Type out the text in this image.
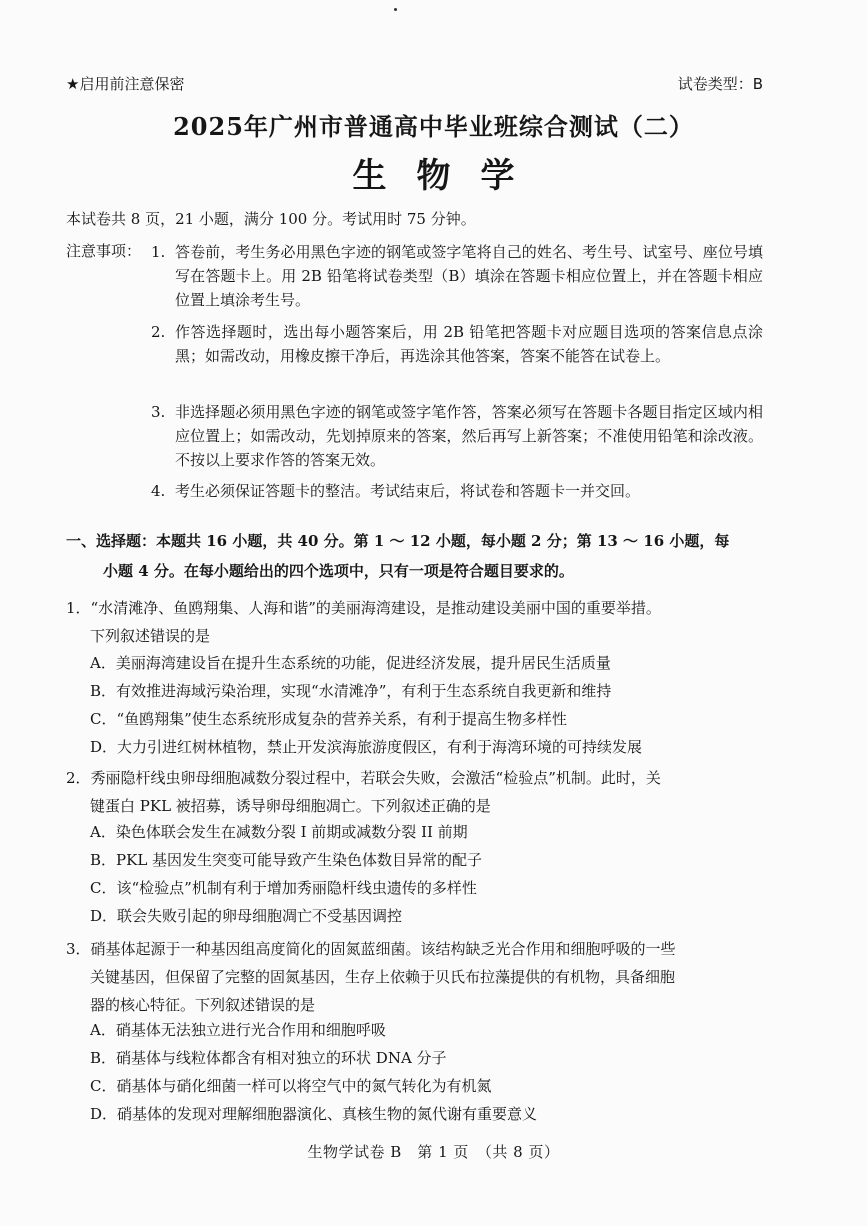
★启用前注意保密	试卷类型：B
2025年广州市普通高中毕业班综合测试（二）
生物学
本试卷共 8 页，21 小题，满分 100 分。考试用时 75 分钟。
注意事项： 1. 答卷前，考生务必用黑色字迹的钢笔或签字笔将自己的姓名、考生号、试室号、座位号填写在答题卡上。用 2B 铅笔将试卷类型（B）填涂在答题卡相应位置上，并在答题卡相应位置上填涂考生号。
2. 作答选择题时，选出每小题答案后，用 2B 铅笔把答题卡对应题目选项的答案信息点涂黑；如需改动，用橡皮擦干净后，再选涂其他答案，答案不能答在试卷上。
3. 非选择题必须用黑色字迹的钢笔或签字笔作答，答案必须写在答题卡各题目指定区域内相应位置上；如需改动，先划掉原来的答案，然后再写上新答案；不准使用铅笔和涂改液。不按以上要求作答的答案无效。
4. 考生必须保证答题卡的整洁。考试结束后，将试卷和答题卡一并交回。
一、选择题：本题共 16 小题，共 40 分。第 1 ～ 12 小题，每小题 2 分；第 13 ～ 16 小题，每
小题 4 分。在每小题给出的四个选项中，只有一项是符合题目要求的。
1．“水清滩净、鱼鸥翔集、人海和谐”的美丽海湾建设，是推动建设美丽中国的重要举措。
下列叙述错误的是
A．美丽海湾建设旨在提升生态系统的功能，促进经济发展，提升居民生活质量
B．有效推进海域污染治理，实现“水清滩净”，有利于生态系统自我更新和维持
C．“鱼鸥翔集”使生态系统形成复杂的营养关系，有利于提高生物多样性
D．大力引进红树林植物，禁止开发滨海旅游度假区，有利于海湾环境的可持续发展
2．秀丽隐杆线虫卵母细胞减数分裂过程中，若联会失败，会激活“检验点”机制。此时，关
键蛋白 PKL 被招募，诱导卵母细胞凋亡。下列叙述正确的是
A．染色体联会发生在减数分裂 I 前期或减数分裂 II 前期
B．PKL 基因发生突变可能导致产生染色体数目异常的配子
C．该“检验点”机制有利于增加秀丽隐杆线虫遗传的多样性
D．联会失败引起的卵母细胞凋亡不受基因调控
3．硝基体起源于一种基因组高度简化的固氮蓝细菌。该结构缺乏光合作用和细胞呼吸的一些
关键基因，但保留了完整的固氮基因，生存上依赖于贝氏布拉藻提供的有机物，具备细胞
器的核心特征。下列叙述错误的是
A．硝基体无法独立进行光合作用和细胞呼吸
B．硝基体与线粒体都含有相对独立的环状 DNA 分子
C．硝基体与硝化细菌一样可以将空气中的氮气转化为有机氮
D．硝基体的发现对理解细胞器演化、真核生物的氮代谢有重要意义
生物学试卷 B　第 1 页　（共 8 页）
